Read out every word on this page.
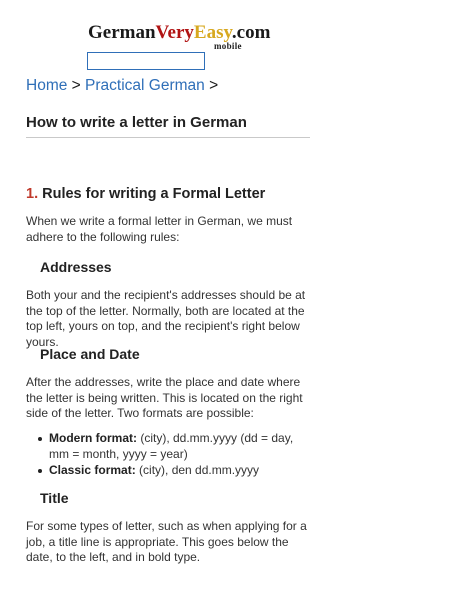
GermanVeryEasy.com
mobile
Home > Practical German >
How to write a letter in German
1. Rules for writing a Formal Letter

When we write a formal letter in German, we must adhere to the following rules:

Addresses

Both your and the recipient's addresses should be at the top of the letter. Normally, both are located at the top left, yours on top, and the recipient's right below yours.

Place and Date

After the addresses, write the place and date where the letter is being written. This is located on the right side of the letter. Two formats are possible:

Modern format: (city), dd.mm.yyyy (dd = day, mm = month, yyyy = year)
Classic format: (city), den dd.mm.yyyy
Title

For some types of letter, such as when applying for a job, a title line is appropriate. This goes below the date, to the left, and in bold type.
